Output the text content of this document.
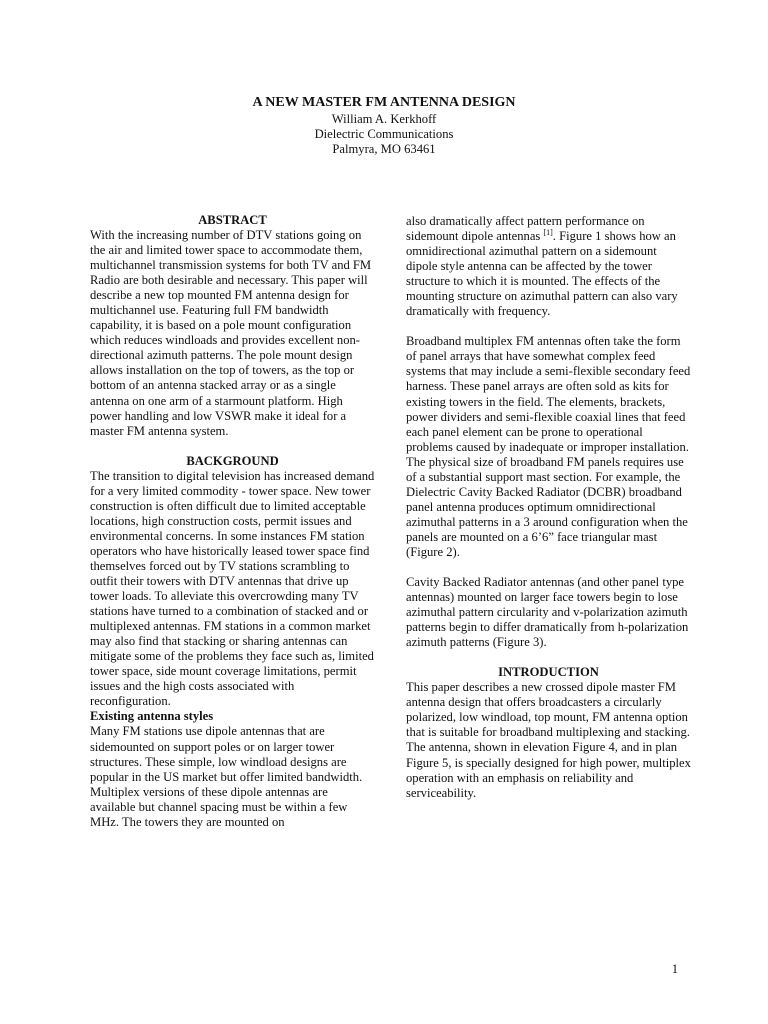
A NEW MASTER FM ANTENNA DESIGN

William A. Kerkhoff

Dielectric Communications

Palmyra, MO 63461

ABSTRACT

With the increasing number of DTV stations going on the air and limited tower space to accommodate them, multichannel transmission systems for both TV and FM Radio are both desirable and necessary. This paper will describe a new top mounted FM antenna design for multichannel use. Featuring full FM bandwidth capability, it is based on a pole mount configuration which reduces windloads and provides excellent non-directional azimuth patterns. The pole mount design allows installation on the top of towers, as the top or bottom of an antenna stacked array or as a single antenna on one arm of a starmount platform. High power handling and low VSWR make it ideal for a master FM antenna system.

BACKGROUND

The transition to digital television has increased demand for a very limited commodity - tower space. New tower construction is often difficult due to limited acceptable locations, high construction costs, permit issues and environmental concerns. In some instances FM station operators who have historically leased tower space find themselves forced out by TV stations scrambling to outfit their towers with DTV antennas that drive up tower loads. To alleviate this overcrowding many TV stations have turned to a combination of stacked and or multiplexed antennas. FM stations in a common market may also find that stacking or sharing antennas can mitigate some of the problems they face such as, limited tower space, side mount coverage limitations, permit issues and the high costs associated with reconfiguration.

Existing antenna styles

Many FM stations use dipole antennas that are sidemounted on support poles or on larger tower structures. These simple, low windload designs are popular in the US market but offer limited bandwidth. Multiplex versions of these dipole antennas are available but channel spacing must be within a few MHz. The towers they are mounted on

also dramatically affect pattern performance on sidemount dipole antennas [1]. Figure 1 shows how an omnidirectional azimuthal pattern on a sidemount dipole style antenna can be affected by the tower structure to which it is mounted. The effects of the mounting structure on azimuthal pattern can also vary dramatically with frequency.

Broadband multiplex FM antennas often take the form of panel arrays that have somewhat complex feed systems that may include a semi-flexible secondary feed harness. These panel arrays are often sold as kits for existing towers in the field. The elements, brackets, power dividers and semi-flexible coaxial lines that feed each panel element can be prone to operational problems caused by inadequate or improper installation. The physical size of broadband FM panels requires use of a substantial support mast section. For example, the Dielectric Cavity Backed Radiator (DCBR) broadband panel antenna produces optimum omnidirectional azimuthal patterns in a 3 around configuration when the panels are mounted on a 6’6” face triangular mast (Figure 2).

Cavity Backed Radiator antennas (and other panel type antennas) mounted on larger face towers begin to lose azimuthal pattern circularity and v-polarization azimuth patterns begin to differ dramatically from h-polarization azimuth patterns (Figure 3).

INTRODUCTION

This paper describes a new crossed dipole master FM antenna design that offers broadcasters a circularly polarized, low windload, top mount, FM antenna option that is suitable for broadband multiplexing and stacking. The antenna, shown in elevation Figure 4, and in plan Figure 5, is specially designed for high power, multiplex operation with an emphasis on reliability and serviceability.

1
